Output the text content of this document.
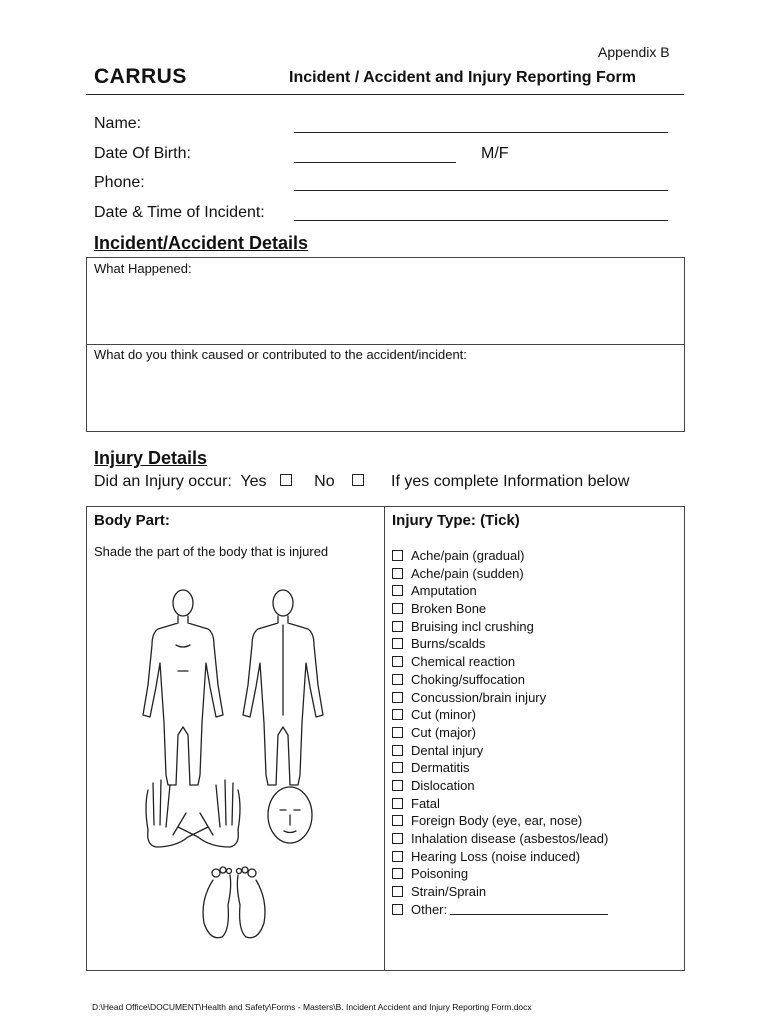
Appendix B
CARRUS	Incident / Accident and Injury Reporting Form
Name:
Date Of Birth:	M/F
Phone:
Date & Time of Incident:
Incident/Accident Details
What Happened:
What do you think caused or contributed to the accident/incident:
Injury Details
Did an Injury occur: Yes	No	If yes complete Information below
Body Part:
Shade the part of the body that is injured
Injury Type: (Tick)
Ache/pain (gradual)
Ache/pain (sudden)
Amputation
Broken Bone
Bruising incl crushing
Burns/scalds
Chemical reaction
Choking/suffocation
Concussion/brain injury
Cut (minor)
Cut (major)
Dental injury
Dermatitis
Dislocation
Fatal
Foreign Body (eye, ear, nose)
Inhalation disease (asbestos/lead)
Hearing Loss (noise induced)
Poisoning
Strain/Sprain
Other:
D:\Head Office\DOCUMENT\Health and Safety\Forms - Masters\B. Incident Accident and Injury Reporting Form.docx
